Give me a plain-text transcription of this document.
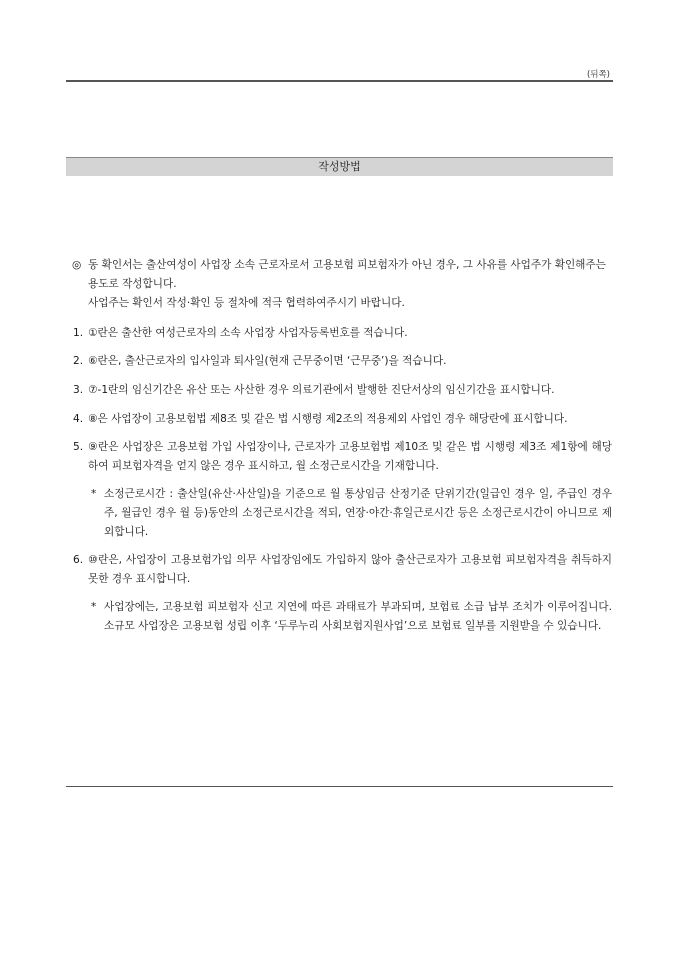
(뒤쪽)
작성방법
◎ 동 확인서는 출산여성이 사업장 소속 근로자로서 고용보험 피보험자가 아닌 경우, 그 사유를 사업주가 확인해주는 용도로 작성합니다.

사업주는 확인서 작성·확인 등 절차에 적극 협력하여주시기 바랍니다.

1. ①란은 출산한 여성근로자의 소속 사업장 사업자등록번호를 적습니다.
2. ⑥란은, 출산근로자의 입사일과 퇴사일(현재 근무중이면 ‘근무중’)을 적습니다.
3. ⑦-1란의 임신기간은 유산 또는 사산한 경우 의료기관에서 발행한 진단서상의 임신기간을 표시합니다.
4. ⑧은 사업장이 고용보험법 제8조 및 같은 법 시행령 제2조의 적용제외 사업인 경우 해당란에 표시합니다.
5. ⑨란은 사업장은 고용보험 가입 사업장이나, 근로자가 고용보험법 제10조 및 같은 법 시행령 제3조 제1항에 해당하여 피보험자격을 얻지 않은 경우 표시하고, 월 소정근로시간을 기재합니다.
* 소정근로시간 : 출산일(유산·사산일)을 기준으로 월 통상임금 산정기준 단위기간(일급인 경우 일, 주급인 경우 주, 월급인 경우 월 등)동안의 소정근로시간을 적되, 연장·야간·휴일근로시간 등은 소정근로시간이 아니므로 제외합니다.
6. ⑩란은, 사업장이 고용보험가입 의무 사업장임에도 가입하지 않아 출산근로자가 고용보험 피보험자격을 취득하지 못한 경우 표시합니다.
* 사업장에는, 고용보험 피보험자 신고 지연에 따른 과태료가 부과되며, 보험료 소급 납부 조치가 이루어집니다. 소규모 사업장은 고용보험 성립 이후 ‘두루누리 사회보험지원사업’으로 보험료 일부를 지원받을 수 있습니다.
